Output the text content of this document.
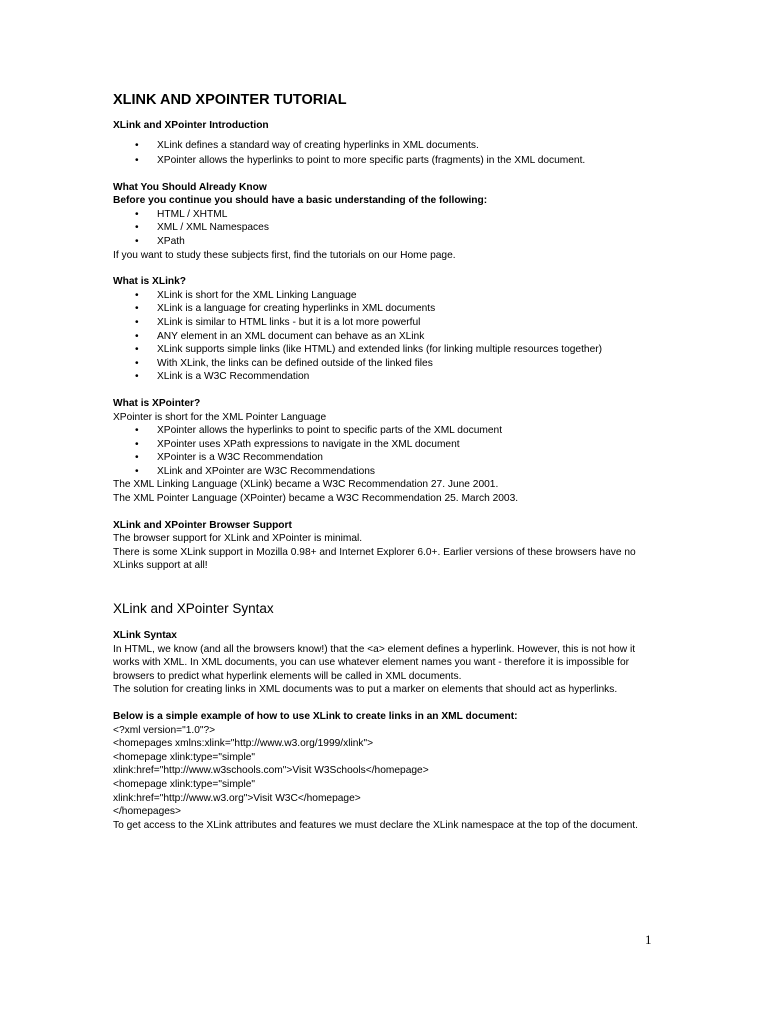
XLINK AND XPOINTER TUTORIAL
XLink and XPointer Introduction
• XLink defines a standard way of creating hyperlinks in XML documents.
• XPointer allows the hyperlinks to point to more specific parts (fragments) in the XML document.
What You Should Already Know
Before you continue you should have a basic understanding of the following:
• HTML / XHTML
• XML / XML Namespaces
• XPath

If you want to study these subjects first, find the tutorials on our Home page.

What is XLink?
• XLink is short for the XML Linking Language
• XLink is a language for creating hyperlinks in XML documents
• XLink is similar to HTML links - but it is a lot more powerful
• ANY element in an XML document can behave as an XLink
• XLink supports simple links (like HTML) and extended links (for linking multiple resources together)
• With XLink, the links can be defined outside of the linked files
• XLink is a W3C Recommendation
What is XPointer?

XPointer is short for the XML Pointer Language

• XPointer allows the hyperlinks to point to specific parts of the XML document
• XPointer uses XPath expressions to navigate in the XML document
• XPointer is a W3C Recommendation
• XLink and XPointer are W3C Recommendations

The XML Linking Language (XLink) became a W3C Recommendation 27. June 2001.

The XML Pointer Language (XPointer) became a W3C Recommendation 25. March 2003.

XLink and XPointer Browser Support

The browser support for XLink and XPointer is minimal.

There is some XLink support in Mozilla 0.98+ and Internet Explorer 6.0+. Earlier versions of these browsers have no XLinks support at all!

XLink and XPointer Syntax
XLink Syntax

In HTML, we know (and all the browsers know!) that the <a> element defines a hyperlink. However, this is not how it works with XML. In XML documents, you can use whatever element names you want - therefore it is impossible for browsers to predict what hyperlink elements will be called in XML documents.

The solution for creating links in XML documents was to put a marker on elements that should act as hyperlinks.

Below is a simple example of how to use XLink to create links in an XML document:
<?xml version="1.0"?>
<homepages xmlns:xlink="http://www.w3.org/1999/xlink">
<homepage xlink:type="simple"
xlink:href="http://www.w3schools.com">Visit W3Schools</homepage>
<homepage xlink:type="simple"
xlink:href="http://www.w3.org">Visit W3C</homepage>
</homepages>

To get access to the XLink attributes and features we must declare the XLink namespace at the top of the document.

1
